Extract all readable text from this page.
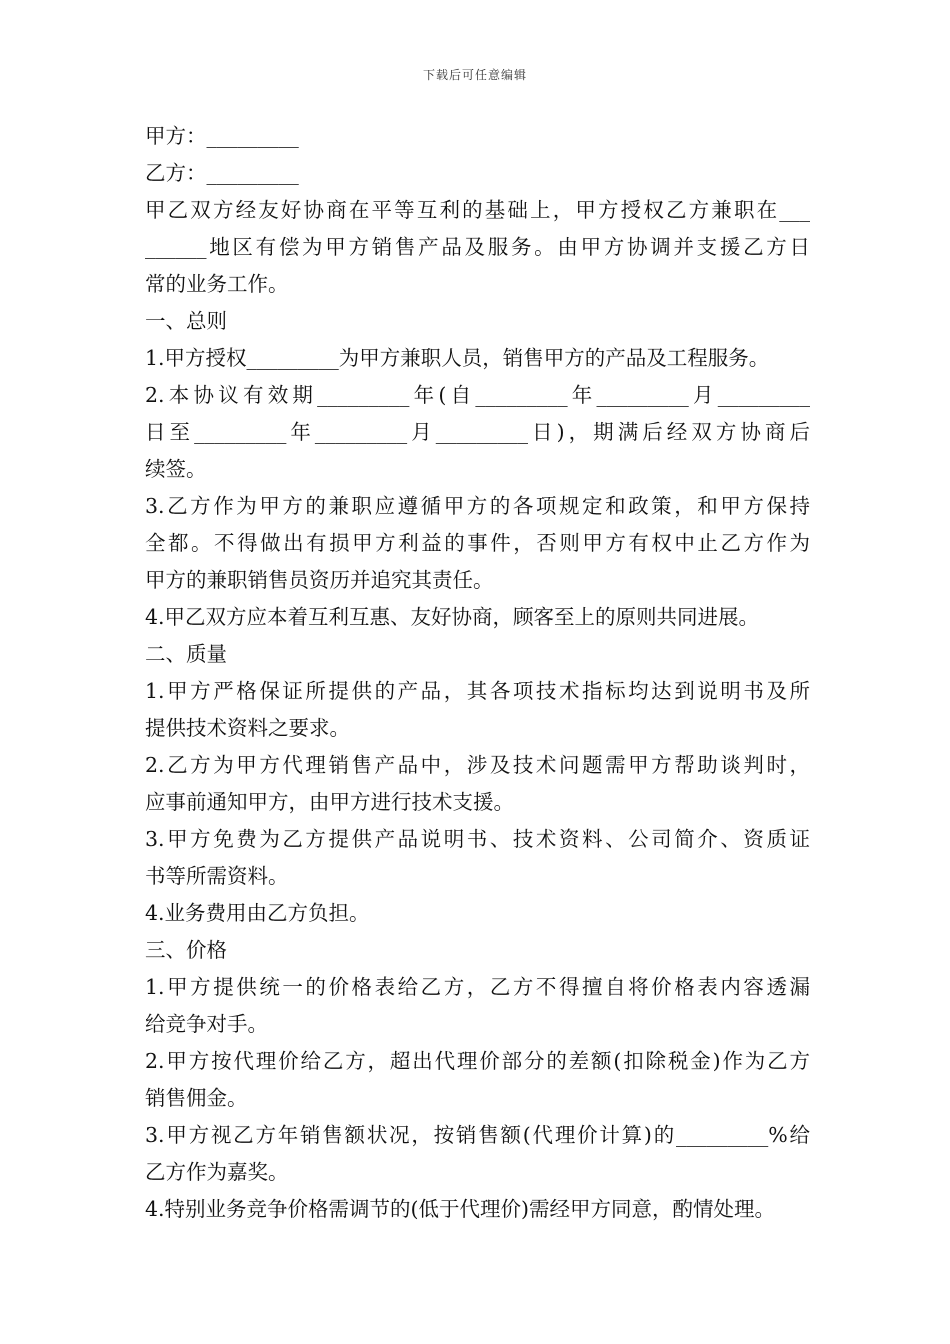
下载后可任意编辑
甲方：_________
乙方：_________
甲乙双方经友好协商在平等互利的基础上，甲方授权乙方兼职在___
______地区有偿为甲方销售产品及服务。由甲方协调并支援乙方日
常的业务工作。
一、总则
1.甲方授权_________为甲方兼职人员，销售甲方的产品及工程服务。
2.本协议有效期_________年(自_________年_________月_________
日至_________年_________月_________日)，期满后经双方协商后
续签。
3.乙方作为甲方的兼职应遵循甲方的各项规定和政策，和甲方保持
全都。不得做出有损甲方利益的事件，否则甲方有权中止乙方作为
甲方的兼职销售员资历并追究其责任。
4.甲乙双方应本着互利互惠、友好协商，顾客至上的原则共同进展。
二、质量
1.甲方严格保证所提供的产品，其各项技术指标均达到说明书及所
提供技术资料之要求。
2.乙方为甲方代理销售产品中，涉及技术问题需甲方帮助谈判时，
应事前通知甲方，由甲方进行技术支援。
3.甲方免费为乙方提供产品说明书、技术资料、公司简介、资质证
书等所需资料。
4.业务费用由乙方负担。
三、价格
1.甲方提供统一的价格表给乙方，乙方不得擅自将价格表内容透漏
给竞争对手。
2.甲方按代理价给乙方，超出代理价部分的差额(扣除税金)作为乙方
销售佣金。
3.甲方视乙方年销售额状况，按销售额(代理价计算)的_________%给
乙方作为嘉奖。
4.特别业务竞争价格需调节的(低于代理价)需经甲方同意，酌情处理。
